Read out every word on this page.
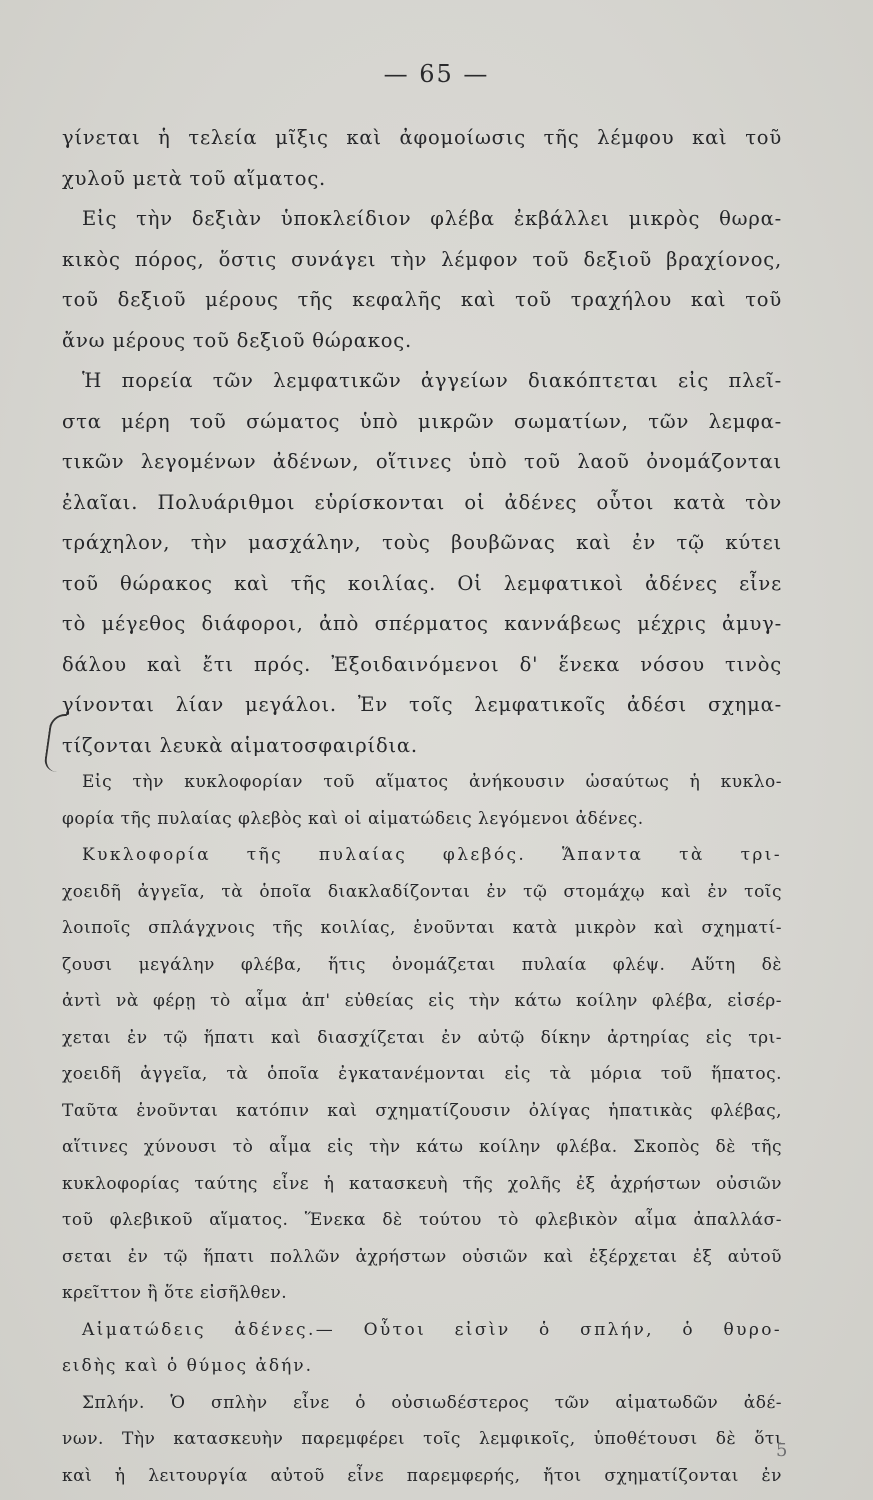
— 65 —
γίνεται ἡ τελεία μῖξις καὶ ἀφομοίωσις τῆς λέμφου καὶ τοῦ
χυλοῦ μετὰ τοῦ αἵματος.
Εἰς τὴν δεξιὰν ὑποκλείδιον φλέβα ἐκβάλλει μικρὸς θωρα-
κικὸς πόρος, ὅστις συνάγει τὴν λέμφον τοῦ δεξιοῦ βραχίονος,
τοῦ δεξιοῦ μέρους τῆς κεφαλῆς καὶ τοῦ τραχήλου καὶ τοῦ
ἄνω μέρους τοῦ δεξιοῦ θώρακος.
Ἡ πορεία τῶν λεμφατικῶν ἀγγείων διακόπτεται εἰς πλεῖ-
στα μέρη τοῦ σώματος ὑπὸ μικρῶν σωματίων, τῶν λεμφα-
τικῶν λεγομένων ἀδένων, οἵτινες ὑπὸ τοῦ λαοῦ ὀνομάζονται
ἐλαῖαι. Πολυάριθμοι εὑρίσκονται οἱ ἀδένες οὗτοι κατὰ τὸν
τράχηλον, τὴν μασχάλην, τοὺς βουβῶνας καὶ ἐν τῷ κύτει
τοῦ θώρακος καὶ τῆς κοιλίας. Οἱ λεμφατικοὶ ἀδένες εἶνε
τὸ μέγεθος διάφοροι, ἀπὸ σπέρματος καννάβεως μέχρις ἀμυγ-
δάλου καὶ ἔτι πρός. Ἐξοιδαινόμενοι δ' ἕνεκα νόσου τινὸς
γίνονται λίαν μεγάλοι. Ἐν τοῖς λεμφατικοῖς ἀδέσι σχημα-
τίζονται λευκὰ αἱματοσφαιρίδια.
Εἰς τὴν κυκλοφορίαν τοῦ αἵματος ἀνήκουσιν ὡσαύτως ἡ κυκλο-
φορία τῆς πυλαίας φλεβὸς καὶ οἱ αἱματώδεις λεγόμενοι ἀδένες.
Κυκλοφορία τῆς πυλαίας φλεβός. Ἅπαντα τὰ τρι-
χοειδῆ ἀγγεῖα, τὰ ὁποῖα διακλαδίζονται ἐν τῷ στομάχῳ καὶ ἐν τοῖς
λοιποῖς σπλάγχνοις τῆς κοιλίας, ἑνοῦνται κατὰ μικρὸν καὶ σχηματί-
ζουσι μεγάλην φλέβα, ἥτις ὀνομάζεται πυλαία φλέψ. Αὕτη δὲ
ἀντὶ νὰ φέρῃ τὸ αἷμα ἀπ' εὐθείας εἰς τὴν κάτω κοίλην φλέβα, εἰσέρ-
χεται ἐν τῷ ἥπατι καὶ διασχίζεται ἐν αὐτῷ δίκην ἀρτηρίας εἰς τρι-
χοειδῆ ἀγγεῖα, τὰ ὁποῖα ἐγκατανέμονται εἰς τὰ μόρια τοῦ ἥπατος.
Ταῦτα ἑνοῦνται κατόπιν καὶ σχηματίζουσιν ὀλίγας ἡπατικὰς φλέβας,
αἵτινες χύνουσι τὸ αἷμα εἰς τὴν κάτω κοίλην φλέβα. Σκοπὸς δὲ τῆς
κυκλοφορίας ταύτης εἶνε ἡ κατασκευὴ τῆς χολῆς ἐξ ἀχρήστων οὐσιῶν
τοῦ φλεβικοῦ αἵματος. Ἕνεκα δὲ τούτου τὸ φλεβικὸν αἷμα ἀπαλλάσ-
σεται ἐν τῷ ἥπατι πολλῶν ἀχρήστων οὐσιῶν καὶ ἐξέρχεται ἐξ αὐτοῦ
κρεῖττον ἢ ὅτε εἰσῆλθεν.
Αἱματώδεις ἀδένες.— Οὗτοι εἰσὶν ὁ σπλήν, ὁ θυρο-
ειδὴς καὶ ὁ θύμος ἀδήν.
Σπλήν. Ὁ σπλὴν εἶνε ὁ οὐσιωδέστερος τῶν αἱματωδῶν ἀδέ-
νων. Τὴν κατασκευὴν παρεμφέρει τοῖς λεμφικοῖς, ὑποθέτουσι δὲ ὅτι
καὶ ἡ λειτουργία αὐτοῦ εἶνε παρεμφερής, ἤτοι σχηματίζονται ἐν
5
